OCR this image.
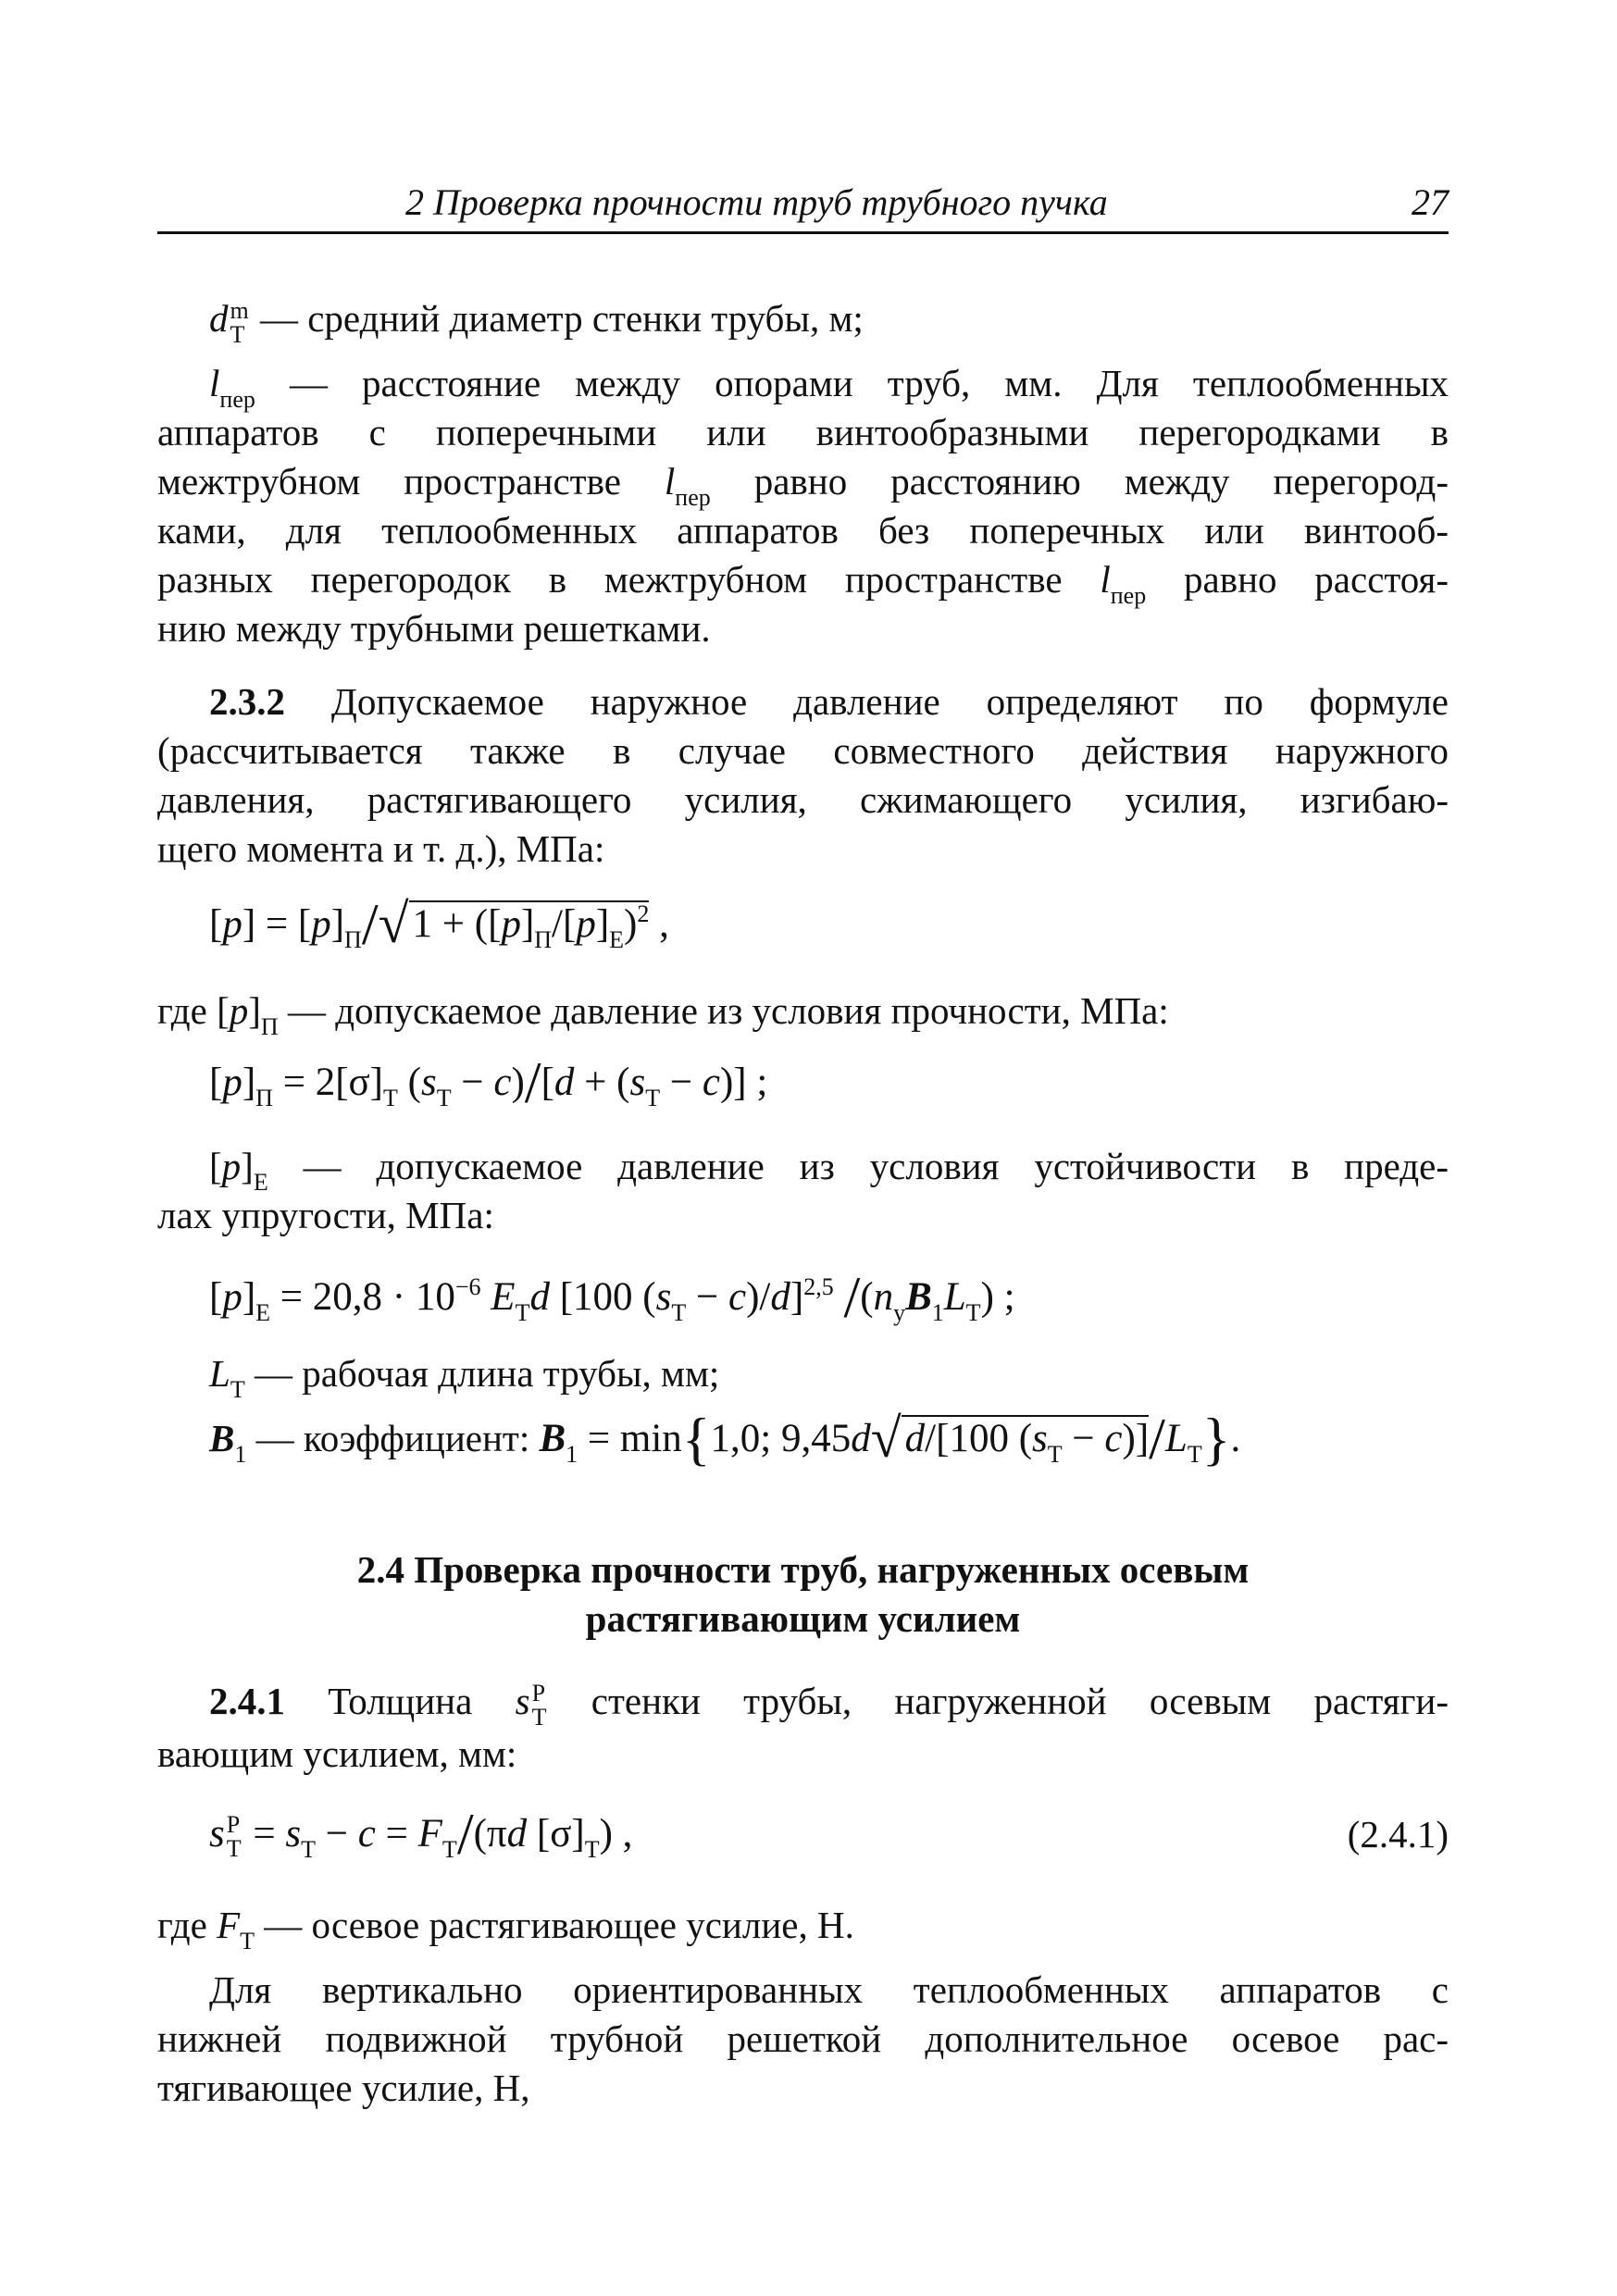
2 Проверка прочности труб трубного пучка	27
d m
T — средний диаметр стенки трубы, м;
$l_{пер}$ — расстояние между опорами труб, мм. Для теплообменных
аппаратов с поперечными или винтообразными перегородками в
межтрубном пространстве $l_{пер}$ равно расстоянию между перегород-
ками, для теплообменных аппаратов без поперечных или винтооб-
разных перегородок в межтрубном пространстве $l_{пер}$ равно расстоя-
нию между трубными решетками.
2.3.2 Допускаемое наружное давление определяют по формуле
(рассчитывается также в случае совместного действия наружного
давления, растягивающего усилия, сжимающего усилия, изгибаю-
щего момента и т. д.), МПа:
$[p] = [p]_П/√1 + ([p]_П/[p]_E)^2$ ,
где $[p]_П$ — допускаемое давление из условия прочности, МПа:
$[p]_П = 2[\sigma]_T$ $(s_T - c)/[d + (s_T - c)]$ ;
$[p]_E$ — допускаемое давление из условия устойчивости в преде-
лах упругости, МПа:
$[p]_E = 20,8 \cdot 10^{-6}$ $E_Td$ [100 $(s_T - c)/d]^{2,5}$ $/(n_yB_1L_T)$ ;
$L_T$ — рабочая длина трубы, мм;
$B_1$ — коэффициент: $B_1 = \min\{1,0$; 9,45d√d/[100 $(s_T - c)]/L_T$}.
2.4 Проверка прочности труб, нагруженных осевым
растягивающим усилием
2.4.1 Толщина s P
T стенки трубы, нагруженной осевым растяги-
вающим усилием, мм:
s P
$T = s_T - c = F_T/(\pi d$ $[\sigma]_T$) ,	(2.4.1)
где $F_T$ — осевое растягивающее усилие, Н.
Для вертикально ориентированных теплообменных аппаратов с
нижней подвижной трубной решеткой дополнительное осевое рас-
тягивающее усилие, Н,
